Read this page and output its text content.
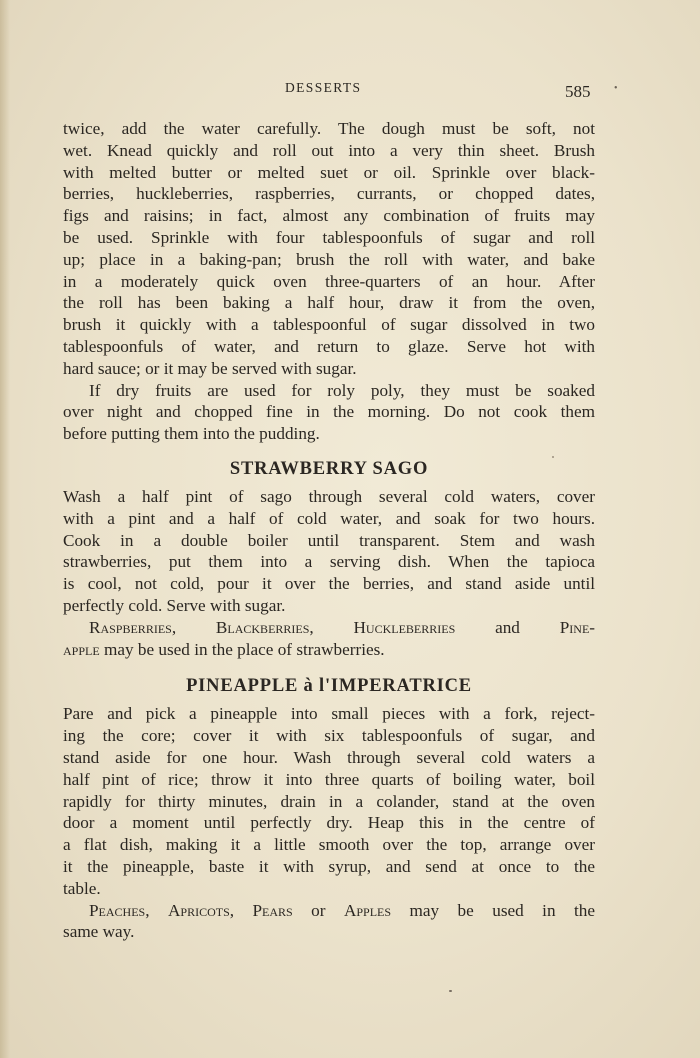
DESSERTS	585 •
twice, add the water carefully. The dough must be soft, not
wet. Knead quickly and roll out into a very thin sheet. Brush
with melted butter or melted suet or oil. Sprinkle over black-
berries, huckleberries, raspberries, currants, or chopped dates,
figs and raisins; in fact, almost any combination of fruits may
be used. Sprinkle with four tablespoonfuls of sugar and roll
up; place in a baking-pan; brush the roll with water, and bake
in a moderately quick oven three-quarters of an hour. After
the roll has been baking a half hour, draw it from the oven,
brush it quickly with a tablespoonful of sugar dissolved in two
tablespoonfuls of water, and return to glaze. Serve hot with
hard sauce; or it may be served with sugar.
If dry fruits are used for roly poly, they must be soaked
over night and chopped fine in the morning. Do not cook them
before putting them into the pudding.
STRAWBERRY SAGO
Wash a half pint of sago through several cold waters, cover
with a pint and a half of cold water, and soak for two hours.
Cook in a double boiler until transparent. Stem and wash
strawberries, put them into a serving dish. When the tapioca
is cool, not cold, pour it over the berries, and stand aside until
perfectly cold. Serve with sugar.
Raspberries, Blackberries, Huckleberries and Pine-
apple may be used in the place of strawberries.
PINEAPPLE à l'IMPERATRICE
Pare and pick a pineapple into small pieces with a fork, reject-
ing the core; cover it with six tablespoonfuls of sugar, and
stand aside for one hour. Wash through several cold waters a
half pint of rice; throw it into three quarts of boiling water, boil
rapidly for thirty minutes, drain in a colander, stand at the oven
door a moment until perfectly dry. Heap this in the centre of
a flat dish, making it a little smooth over the top, arrange over
it the pineapple, baste it with syrup, and send at once to the
table.
Peaches, Apricots, Pears or Apples may be used in the
same way.
